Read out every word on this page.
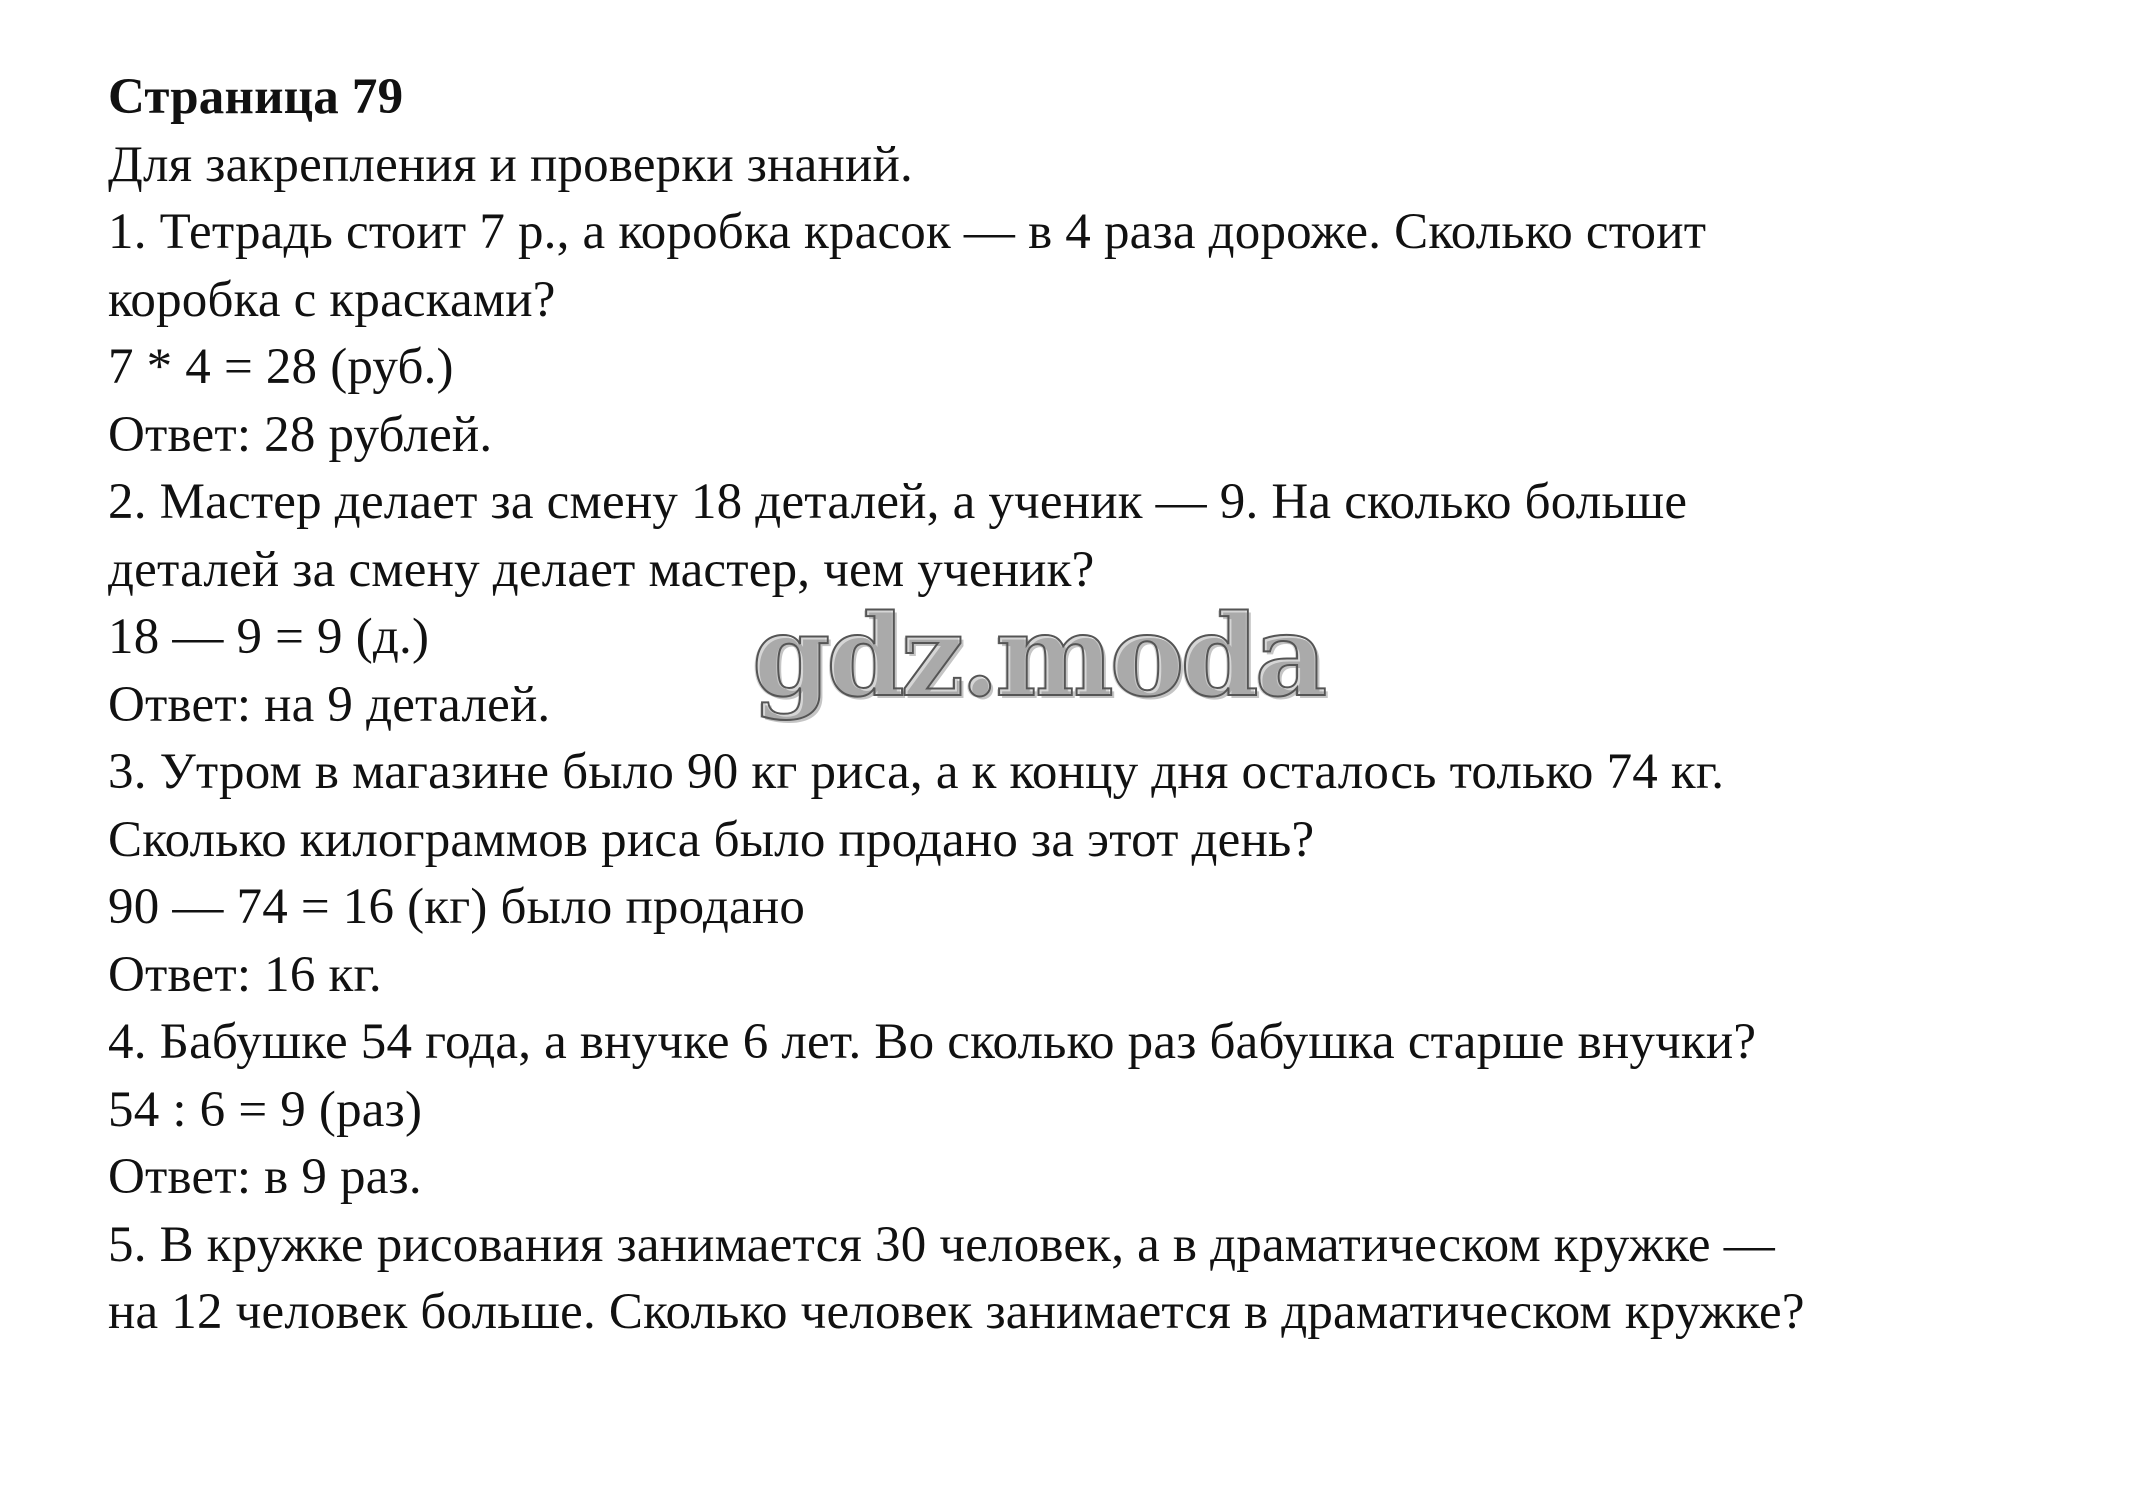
Страница 79
Для закрепления и проверки знаний.
1. Тетрадь стоит 7 р., а коробка красок — в 4 раза дороже. Сколько стоит
коробка с красками?
7 * 4 = 28 (руб.)
Ответ: 28 рублей.
2. Мастер делает за смену 18 деталей, а ученик — 9. На сколько больше
деталей за смену делает мастер, чем ученик?
18 — 9 = 9 (д.)
Ответ: на 9 деталей.
3. Утром в магазине было 90 кг риса, а к концу дня осталось только 74 кг.
Сколько килограммов риса было продано за этот день?
90 — 74 = 16 (кг) было продано
Ответ: 16 кг.
4. Бабушке 54 года, а внучке 6 лет. Во сколько раз бабушка старше внучки?
54 : 6 = 9 (раз)
Ответ: в 9 раз.
5. В кружке рисования занимается 30 человек, а в драматическом кружке —
на 12 человек больше. Сколько человек занимается в драматическом кружке?
gdz.moda
